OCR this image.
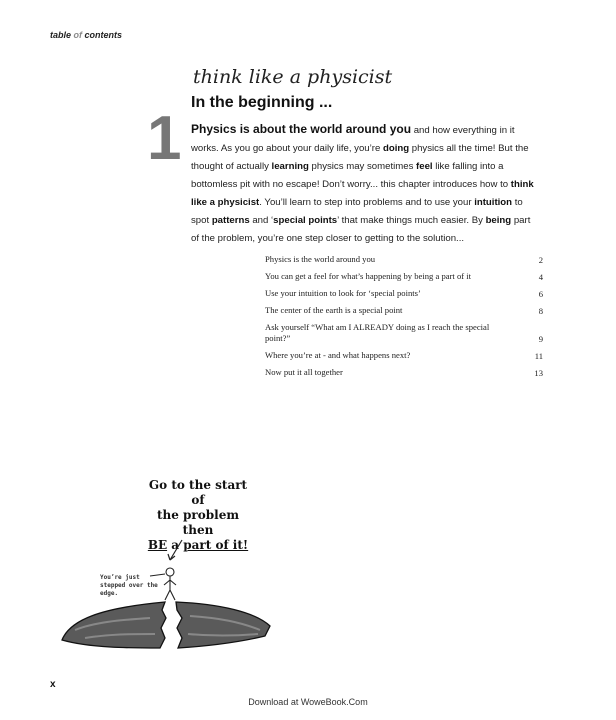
table of contents
1
think like a physicist
In the beginning ...
Physics is about the world around you and how everything in it works. As you go about your daily life, you’re doing physics all the time! But the thought of actually learning physics may sometimes feel like falling into a bottomless pit with no escape! Don’t worry... this chapter introduces how to think like a physicist. You’ll learn to step into problems and to use your intuition to spot patterns and ‘special points’ that make things much easier. By being part of the problem, you’re one step closer to getting to the solution...
Physics is the world around you	2
You can get a feel for what’s happening by being a part of it	4
Use your intuition to look for ‘special points’	6
The center of the earth is a special point	8
Ask yourself “What am I ALREADY doing as I reach the special point?”	9
Where you’re at - and what happens next?	11
Now put it all together	13
Go to the start of
the problem then
BE a part of it!
You’re just stepped over the edge.
x
Download at WoweBook.Com
